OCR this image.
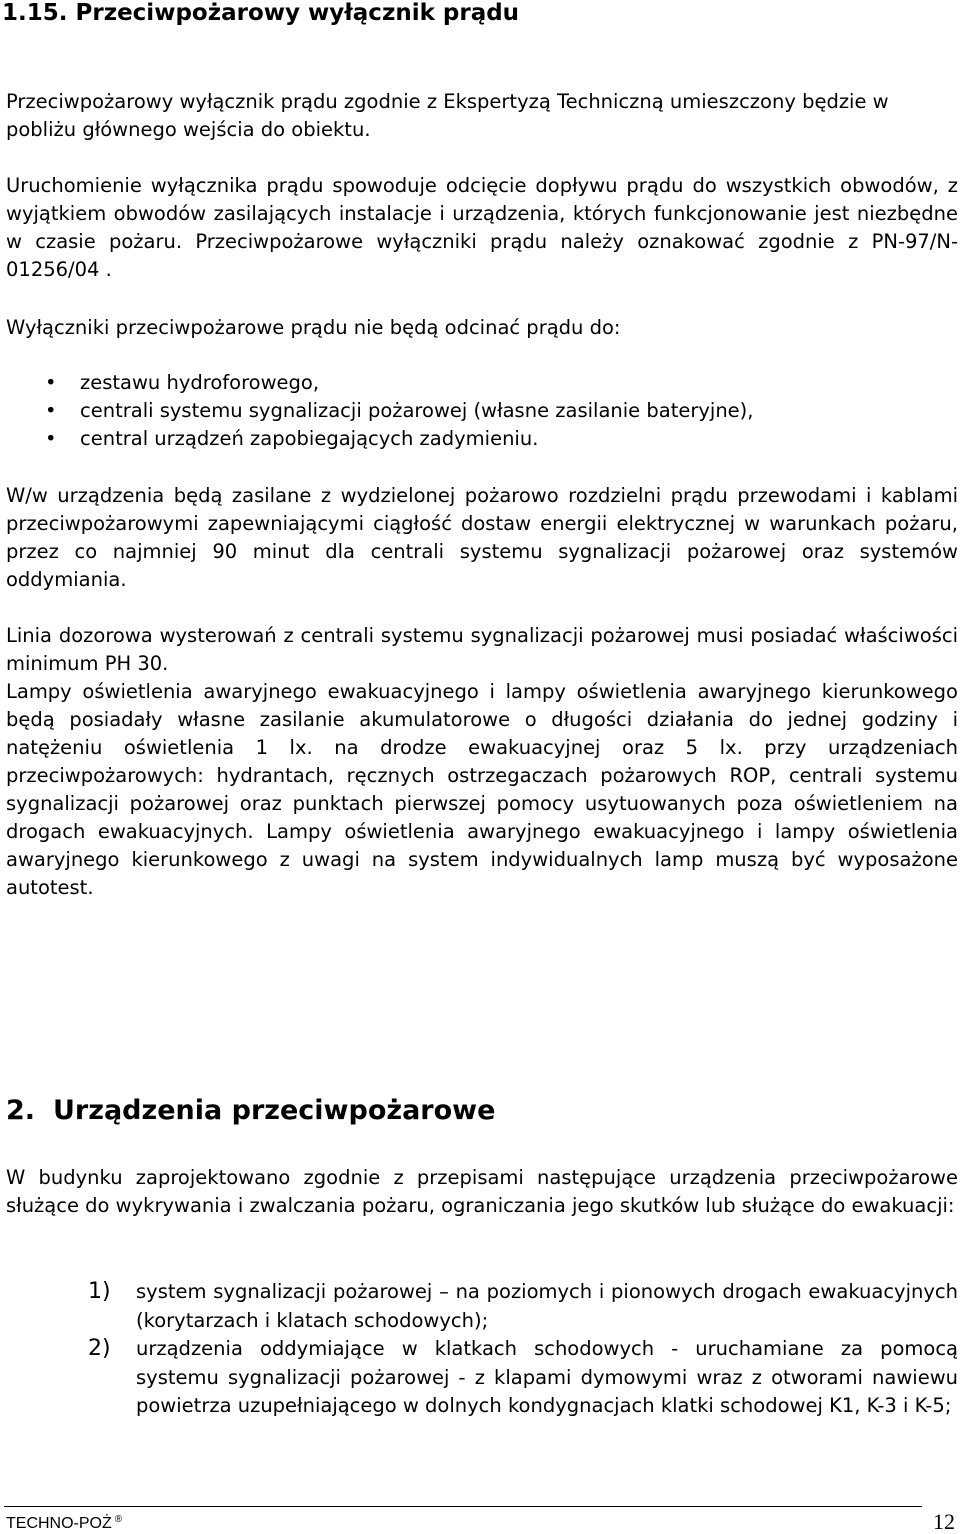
1.15. Przeciwpożarowy wyłącznik prądu
Przeciwpożarowy wyłącznik prądu zgodnie z Ekspertyzą Techniczną umieszczony będzie w pobliżu głównego wejścia do obiektu.
Uruchomienie wyłącznika prądu spowoduje odcięcie dopływu prądu do wszystkich obwodów, z wyjątkiem obwodów zasilających instalacje i urządzenia, których funkcjonowanie jest niezbędne w czasie pożaru. Przeciwpożarowe wyłączniki prądu należy oznakować zgodnie z PN-97/N-01256/04 .
Wyłączniki przeciwpożarowe prądu nie będą odcinać prądu do:
• zestawu hydroforowego,
• centrali systemu sygnalizacji pożarowej (własne zasilanie bateryjne),
• central urządzeń zapobiegających zadymieniu.
W/w urządzenia będą zasilane z wydzielonej pożarowo rozdzielni prądu przewodami i kablami przeciwpożarowymi zapewniającymi ciągłość dostaw energii elektrycznej w warunkach pożaru, przez co najmniej 90 minut dla centrali systemu sygnalizacji pożarowej oraz systemów oddymiania.
Linia dozorowa wysterowań z centrali systemu sygnalizacji pożarowej musi posiadać właściwości minimum PH 30.
Lampy oświetlenia awaryjnego ewakuacyjnego i lampy oświetlenia awaryjnego kierunkowego będą posiadały własne zasilanie akumulatorowe o długości działania do jednej godziny i natężeniu oświetlenia 1 lx. na drodze ewakuacyjnej oraz 5 lx. przy urządzeniach przeciwpożarowych: hydrantach, ręcznych ostrzegaczach pożarowych ROP, centrali systemu sygnalizacji pożarowej oraz punktach pierwszej pomocy usytuowanych poza oświetleniem na drogach ewakuacyjnych. Lampy oświetlenia awaryjnego ewakuacyjnego i lampy oświetlenia awaryjnego kierunkowego z uwagi na system indywidualnych lamp muszą być wyposażone autotest.
2. Urządzenia przeciwpożarowe
W budynku zaprojektowano zgodnie z przepisami następujące urządzenia przeciwpożarowe służące do wykrywania i zwalczania pożaru, ograniczania jego skutków lub służące do ewakuacji:
1) system sygnalizacji pożarowej – na poziomych i pionowych drogach ewakuacyjnych (korytarzach i klatach schodowych);
2) urządzenia oddymiające w klatkach schodowych - uruchamiane za pomocą systemu sygnalizacji pożarowej - z klapami dymowymi wraz z otworami nawiewu powietrza uzupełniającego w dolnych kondygnacjach klatki schodowej K1, K-3 i K-5;
TECHNO-POŻ ®	12
